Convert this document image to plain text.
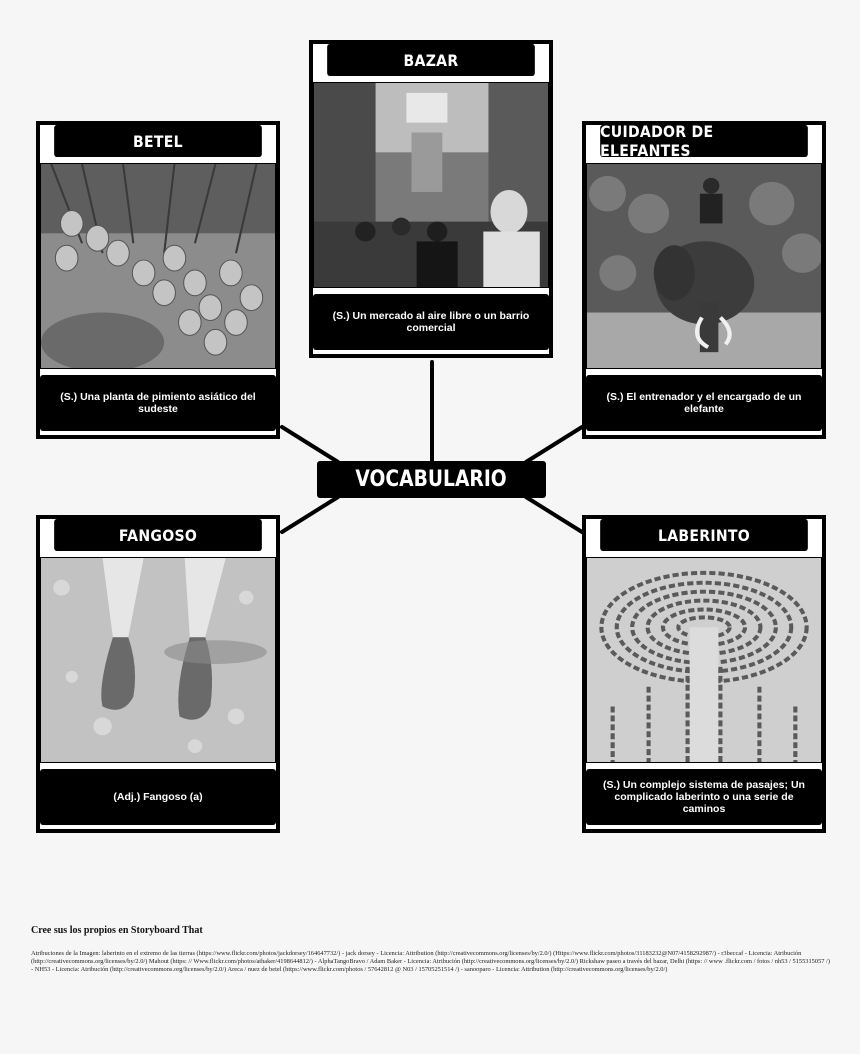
BAZAR
(S.) Un mercado al aire libre o un barrio comercial
BETEL
(S.) Una planta de pimiento asiático del sudeste
CUIDADOR DE ELEFANTES
(S.) El entrenador y el encargado de un elefante
FANGOSO
(Adj.) Fangoso (a)
LABERINTO
(S.) Un complejo sistema de pasajes; Un complicado laberinto o una serie de caminos
VOCABULARIO
Cree sus los propios en Storyboard That
Atribuciones de la Imagen: laberinto en el extremo de las tierras (https://www.flickr.com/photos/jackdorsey/164647732/) - jack dorsey - Licencia: Attribution (http://creativecommons.org/licenses/by/2.0/) (Https://www.flickr.com/photos/31183232@N07/4158292987/) - r3beccaf - Licencia: Atribución (http://creativecommons.org/licenses/by/2.0/) Mahout (https: // Www.flickr.com/photos/athaker/4198644812/) - AlphaTangoBravo / Adam Baker - Licencia: Atribución (http://creativecommons.org/licenses/by/2.0/) Rickshaw paseo a través del bazar, Delhi (https: // www .flickr.com / fotos / nh53 / 5155315057 /) - NH53 - Licencia: Atribución (http://creativecommons.org/licenses/by/2.0/) Areca / nuez de betel (https://www.flickr.com/photos / 57642812 @ N03 / 15705251514 /) - sanooparo - Licencia: Attribution (http://creativecommons.org/licenses/by/2.0/)
